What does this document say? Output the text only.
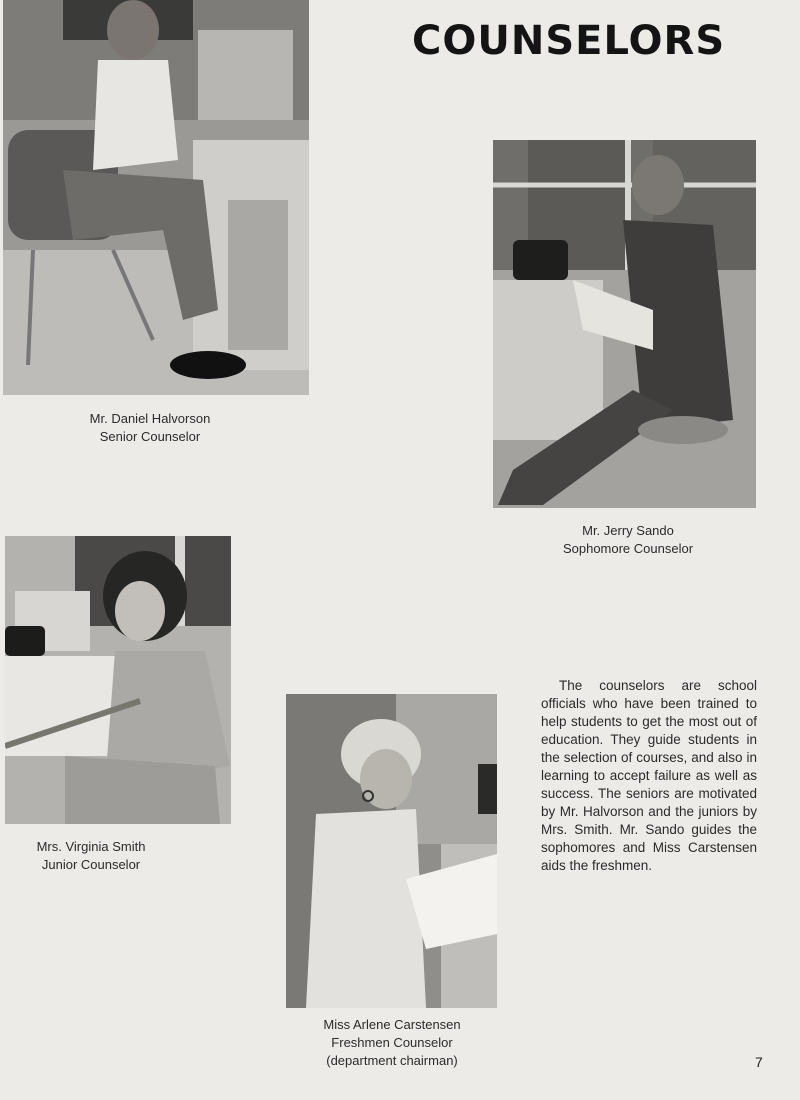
COUNSELORS
Mr. Daniel Halvorson
Senior Counselor
Mr. Jerry Sando
Sophomore Counselor
Mrs. Virginia Smith
Junior Counselor
Miss Arlene Carstensen
Freshmen Counselor
(department chairman)
The counselors are school officials who have been trained to help students to get the most out of education. They guide students in the selection of courses, and also in learning to accept failure as well as success. The seniors are motivated by Mr. Halvorson and the juniors by Mrs. Smith. Mr. Sando guides the sophomores and Miss Carstensen aids the freshmen.
7
